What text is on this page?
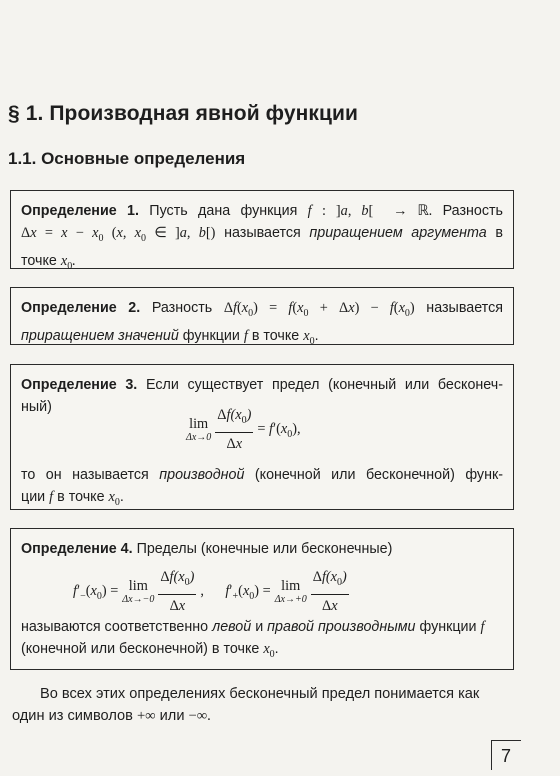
§ 1. Производная явной функции
1.1. Основные определения
Определение 1. Пусть дана функция f : ]a, b[  → ℝ. Разность
$\Delta x = x - x_0$ (x, $x_0$ ∈ ]a, b[) называется приращением аргумента в
точке $x_0$.
Определение 2. Разность $\Delta f(x_0) = f(x_0 + \Delta x) - f(x_0)$ называется
приращением значений функции f в точке $x_0$.
Определение 3. Если существует предел (конечный или бесконеч-
ный)
lim
Δx→0
$\frac{\Delta f(x_0)}{\Delta x} = f'(x_0)$,
то он называется производной (конечной или бесконечной) функ-
ции f в точке $x_0$.
Определение 4. Пределы (конечные или бесконечные)
$f'_-(x_0) = \lim$
Δx→−0
$\frac{\Delta f(x_0)}{\Delta x}$ ,      $f'_+(x_0) = \lim$
Δx→+0
$\frac{\Delta f(x_0)}{\Delta x}$
называются соответственно левой и правой производными функции f
(конечной или бесконечной) в точке $x_0$.
Во всех этих определениях бесконечный предел понимается как
один из символов +∞ или −∞.
7
